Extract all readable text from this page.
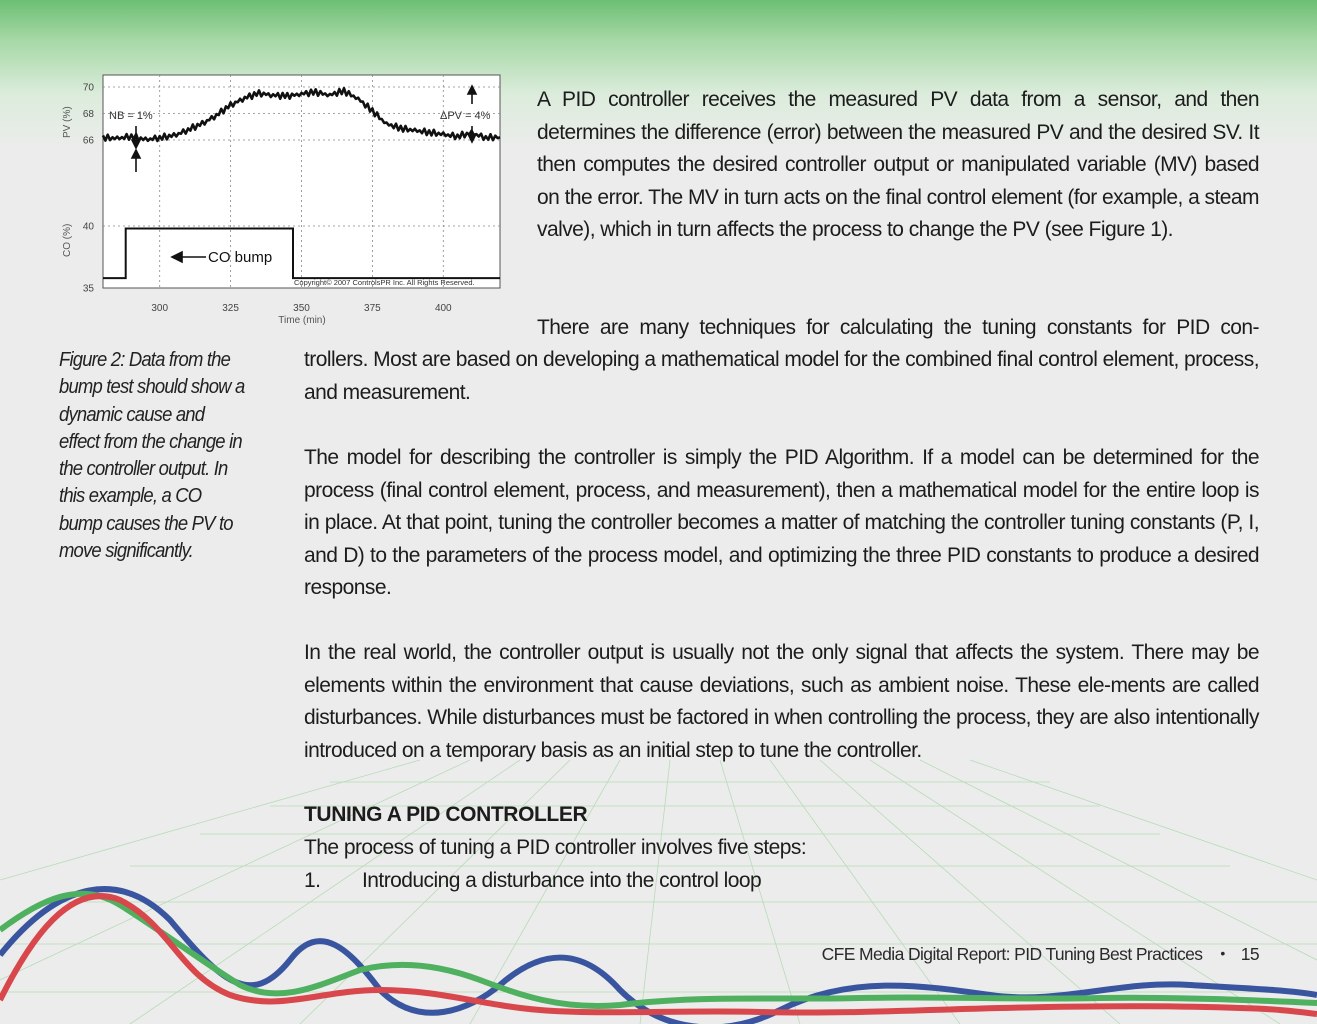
300	325	350	375	400
70
68
66
40
35
PV (%)
CO (%)
Time (min)
NB = 1%	ΔPV = 4%
CO bump
Copyright© 2007 ControlsPR Inc. All Rights Reserved.
Figure 2: Data from the bump test should show a dynamic cause and effect from the change in the controller output. In this example, a CO bump causes the PV to move significantly.

A PID controller receives the measured PV data from a sensor, and then determines the difference (error) between the measured PV and the desired SV. It then computes the desired controller output or manipulated variable (MV) based on the error. The MV in turn acts on the final control element (for example, a steam valve), which in turn affects the process to change the PV (see Figure 1).

There are many techniques for calculating the tuning constants for PID con-

trollers. Most are based on developing a mathematical model for the combined final control element, process, and measurement.

The model for describing the controller is simply the PID Algorithm. If a model can be determined for the process (final control element, process, and measurement), then a mathematical model for the entire loop is in place. At that point, tuning the controller becomes a matter of matching the controller tuning constants (P, I, and D) to the parameters of the process model, and optimizing the three PID constants to produce a desired response.

In the real world, the controller output is usually not the only signal that affects the system. There may be elements within the environment that cause deviations, such as ambient noise. These ele-ments are called disturbances. While disturbances must be factored in when controlling the process, they are also intentionally introduced on a temporary basis as an initial step to tune the controller.

TUNING A PID CONTROLLER

The process of tuning a PID controller involves five steps:

1. Introducing a disturbance into the control loop

CFE Media Digital Report: PID Tuning Best Practices • 15
